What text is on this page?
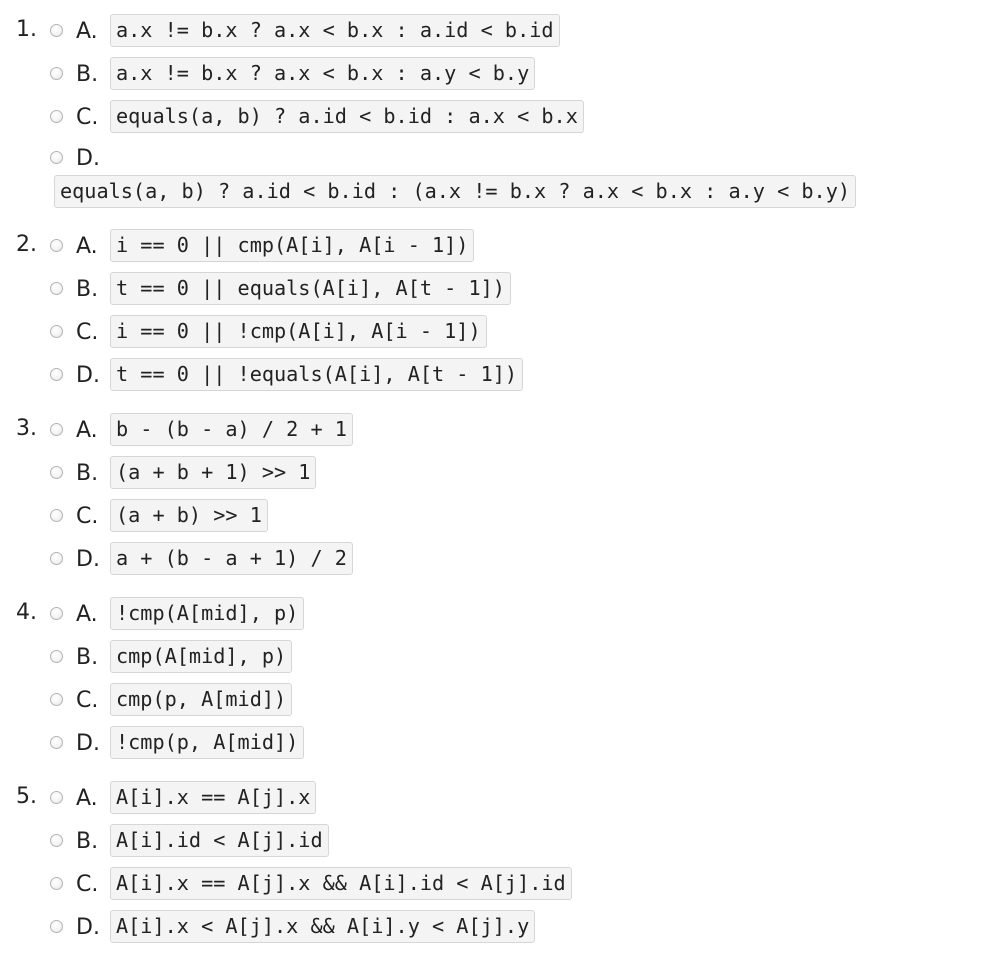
1. A. a.x != b.x ? a.x < b.x : a.id < b.id
B. a.x != b.x ? a.x < b.x : a.y < b.y
C. equals(a, b) ? a.id < b.id : a.x < b.x
D.
equals(a, b) ? a.id < b.id : (a.x != b.x ? a.x < b.x : a.y < b.y)
2. A. i == 0 || cmp(A[i], A[i - 1])
B. t == 0 || equals(A[i], A[t - 1])
C. i == 0 || !cmp(A[i], A[i - 1])
D. t == 0 || !equals(A[i], A[t - 1])
3. A. b - (b - a) / 2 + 1
B. (a + b + 1) >> 1
C. (a + b) >> 1
D. a + (b - a + 1) / 2
4. A. !cmp(A[mid], p)
B. cmp(A[mid], p)
C. cmp(p, A[mid])
D. !cmp(p, A[mid])
5. A. A[i].x == A[j].x
B. A[i].id < A[j].id
C. A[i].x == A[j].x && A[i].id < A[j].id
D. A[i].x < A[j].x && A[i].y < A[j].y
